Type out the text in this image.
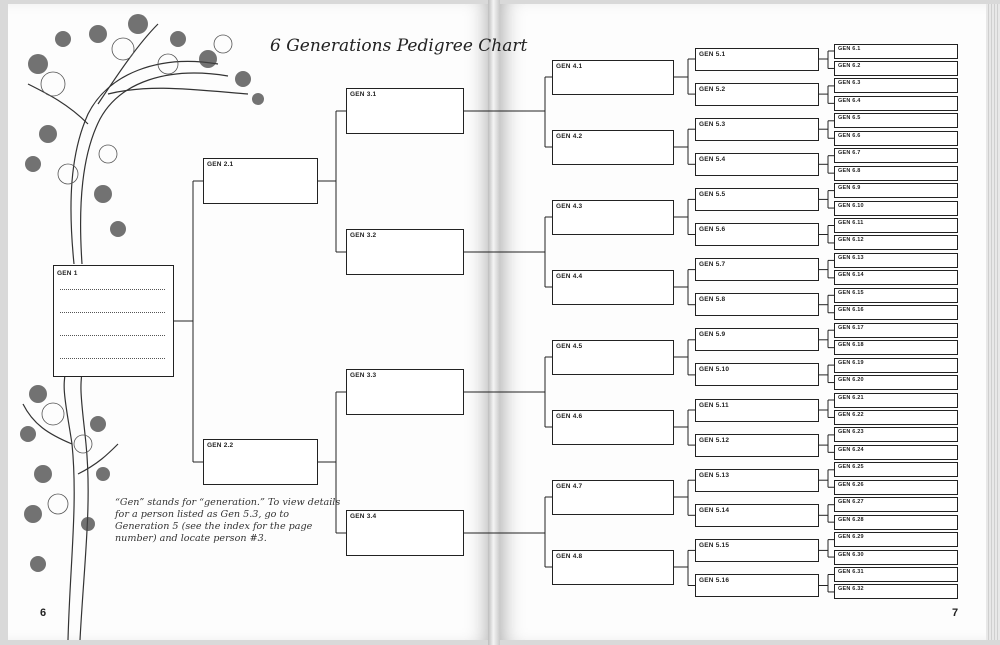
6 Generations Pedigree Chart
GEN 1
GEN 2.1
GEN 2.2
GEN 3.1
GEN 3.2
GEN 3.3
GEN 3.4
GEN 4.1
GEN 4.2
GEN 4.3
GEN 4.4
GEN 4.5
GEN 4.6
GEN 4.7
GEN 4.8
GEN 5.1
GEN 5.2
GEN 5.3
GEN 5.4
GEN 5.5
GEN 5.6
GEN 5.7
GEN 5.8
GEN 5.9
GEN 5.10
GEN 5.11
GEN 5.12
GEN 5.13
GEN 5.14
GEN 5.15
GEN 5.16
GEN 6.1
GEN 6.2
GEN 6.3
GEN 6.4
GEN 6.5
GEN 6.6
GEN 6.7
GEN 6.8
GEN 6.9
GEN 6.10
GEN 6.11
GEN 6.12
GEN 6.13
GEN 6.14
GEN 6.15
GEN 6.16
GEN 6.17
GEN 6.18
GEN 6.19
GEN 6.20
GEN 6.21
GEN 6.22
GEN 6.23
GEN 6.24
GEN 6.25
GEN 6.26
GEN 6.27
GEN 6.28
GEN 6.29
GEN 6.30
GEN 6.31
GEN 6.32
“Gen” stands for “generation.” To view details for a person listed as Gen 5.3, go to Generation 5 (see the index for the page number) and locate person #3.
6	7
